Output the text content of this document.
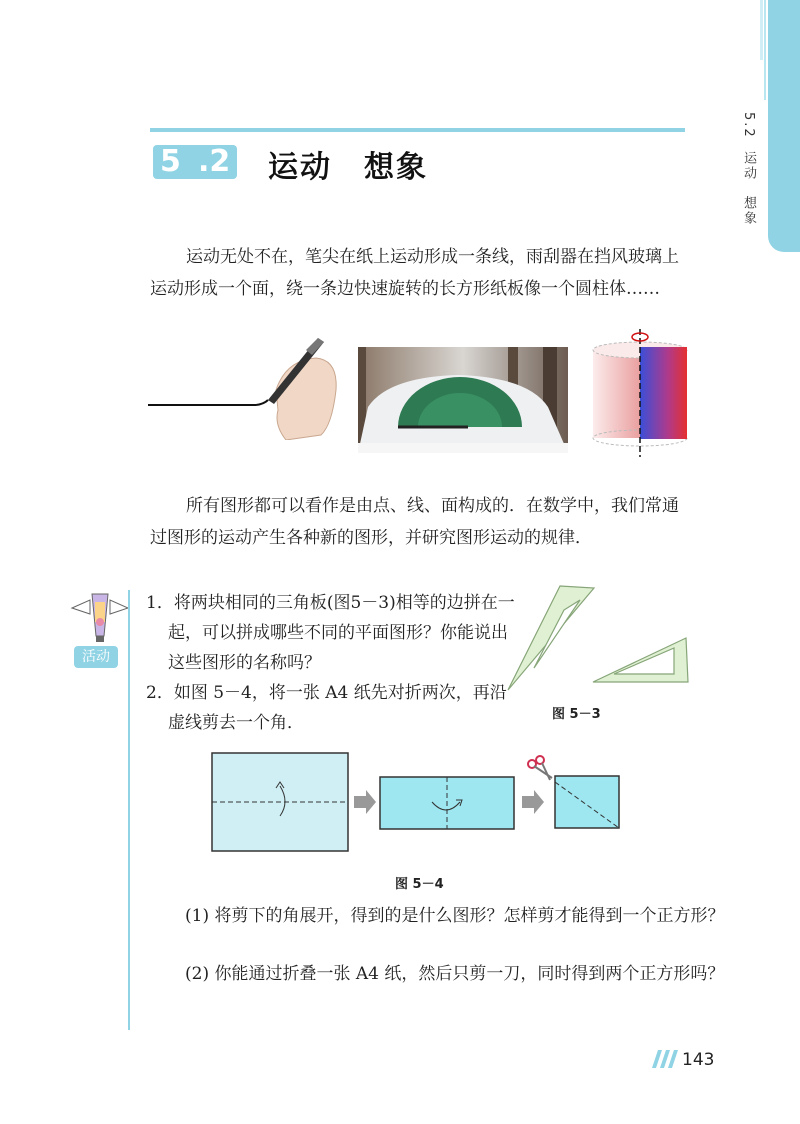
5.2  运动　想象
5 .2 运动　想象

运动无处不在，笔尖在纸上运动形成一条线，雨刮器在挡风玻璃上运动形成一个面，绕一条边快速旋转的长方形纸板像一个圆柱体……

所有图形都可以看作是由点、线、面构成的．在数学中，我们常通过图形的运动产生各种新的图形，并研究图形运动的规律．

活动

1．将两块相同的三角板(图5－3)相等的边拼在一起，可以拼成哪些不同的平面图形？你能说出这些图形的名称吗？

2．如图 5－4，将一张 A4 纸先对折两次，再沿虚线剪去一个角．	图 5－3
图 5－4

(1) 将剪下的角展开，得到的是什么图形？怎样剪才能得到一个正方形？

(2) 你能通过折叠一张 A4 纸，然后只剪一刀，同时得到两个正方形吗？

143
